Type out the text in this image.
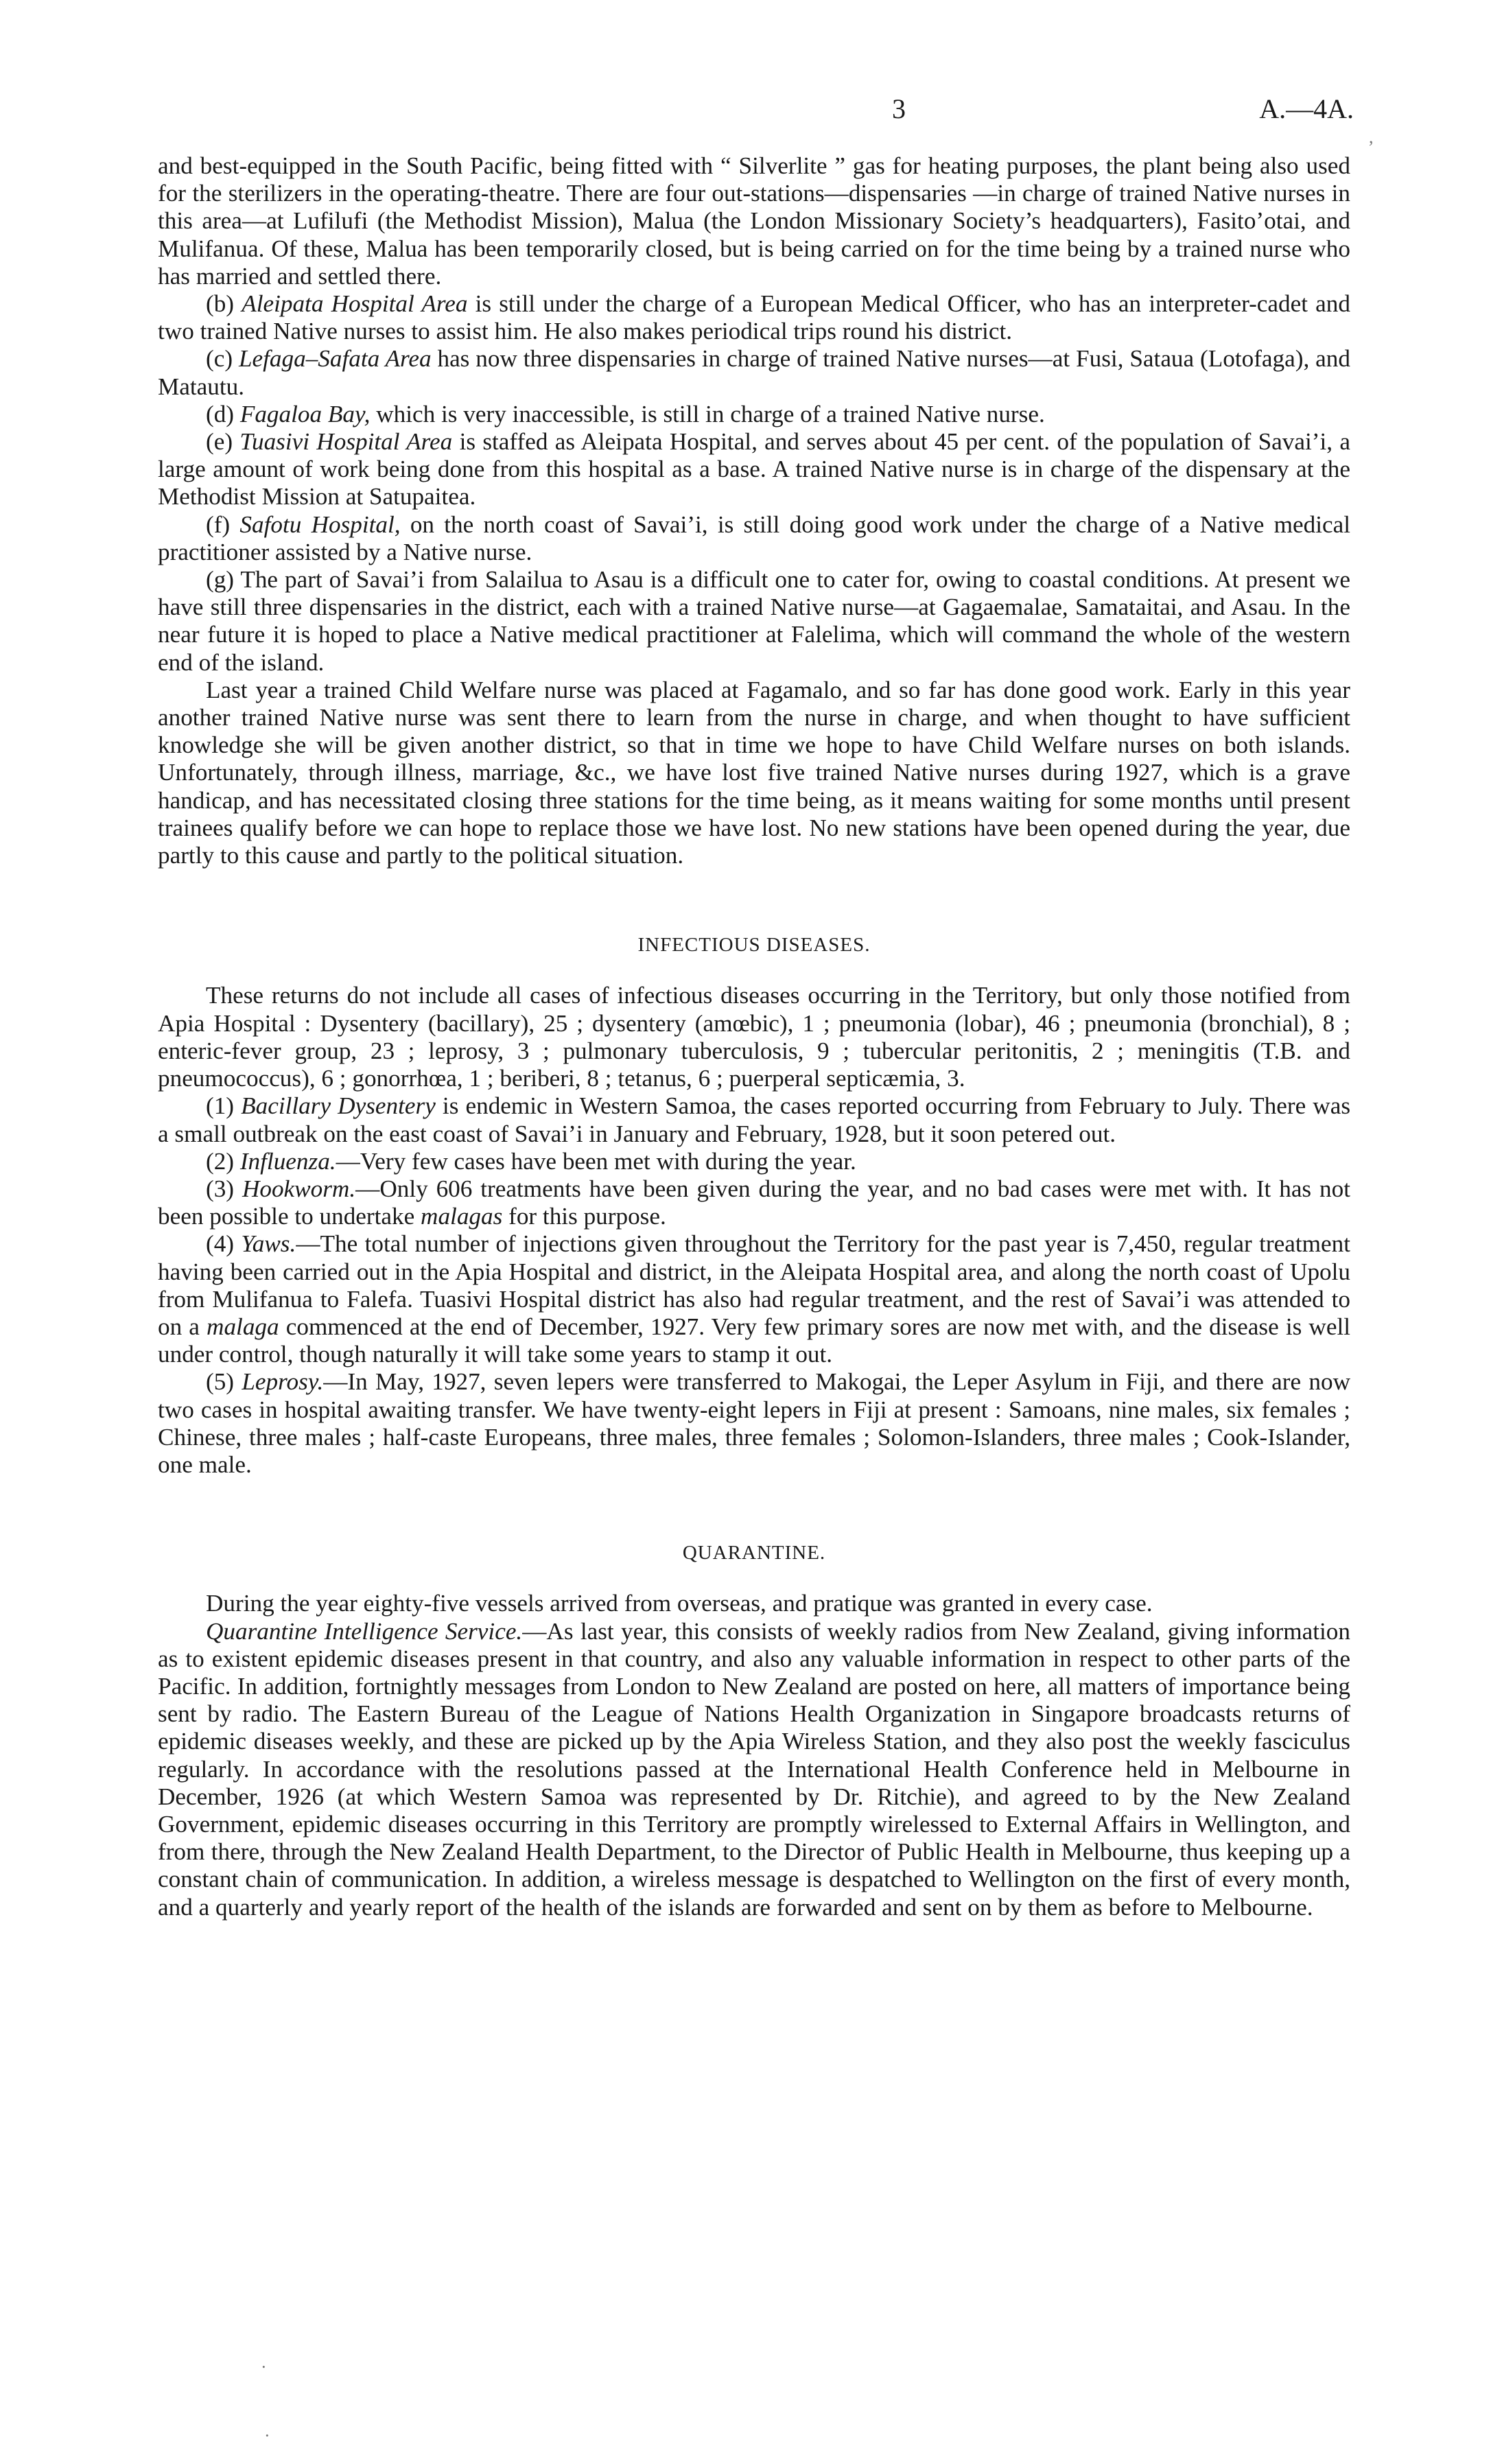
3	A.—4A.

and best-equipped in the South Pacific, being fitted with “ Silverlite ” gas for heating purposes, the plant being also used for the sterilizers in the operating-theatre. There are four out-stations—dispensaries —in charge of trained Native nurses in this area—at Lufilufi (the Methodist Mission), Malua (the London Missionary Society’s headquarters), Fasito’otai, and Mulifanua. Of these, Malua has been temporarily closed, but is being carried on for the time being by a trained nurse who has married and settled there.

(b) Aleipata Hospital Area is still under the charge of a European Medical Officer, who has an interpreter-cadet and two trained Native nurses to assist him. He also makes periodical trips round his district.

(c) Lefaga–Safata Area has now three dispensaries in charge of trained Native nurses—at Fusi, Sataua (Lotofaga), and Matautu.

(d) Fagaloa Bay, which is very inaccessible, is still in charge of a trained Native nurse.

(e) Tuasivi Hospital Area is staffed as Aleipata Hospital, and serves about 45 per cent. of the population of Savai’i, a large amount of work being done from this hospital as a base. A trained Native nurse is in charge of the dispensary at the Methodist Mission at Satupaitea.

(f) Safotu Hospital, on the north coast of Savai’i, is still doing good work under the charge of a Native medical practitioner assisted by a Native nurse.

(g) The part of Savai’i from Salailua to Asau is a difficult one to cater for, owing to coastal conditions. At present we have still three dispensaries in the district, each with a trained Native nurse—at Gagaemalae, Samataitai, and Asau. In the near future it is hoped to place a Native medical practitioner at Falelima, which will command the whole of the western end of the island.

Last year a trained Child Welfare nurse was placed at Fagamalo, and so far has done good work. Early in this year another trained Native nurse was sent there to learn from the nurse in charge, and when thought to have sufficient knowledge she will be given another district, so that in time we hope to have Child Welfare nurses on both islands. Unfortunately, through illness, marriage, &c., we have lost five trained Native nurses during 1927, which is a grave handicap, and has necessitated closing three stations for the time being, as it means waiting for some months until present trainees qualify before we can hope to replace those we have lost. No new stations have been opened during the year, due partly to this cause and partly to the political situation.

INFECTIOUS DISEASES.

These returns do not include all cases of infectious diseases occurring in the Territory, but only those notified from Apia Hospital : Dysentery (bacillary), 25 ; dysentery (amœbic), 1 ; pneumonia (lobar), 46 ; pneumonia (bronchial), 8 ; enteric-fever group, 23 ; leprosy, 3 ; pulmonary tuberculosis, 9 ; tubercular peritonitis, 2 ; meningitis (T.B. and pneumococcus), 6 ; gonorrhœa, 1 ; beriberi, 8 ; tetanus, 6 ; puerperal septicæmia, 3.

(1) Bacillary Dysentery is endemic in Western Samoa, the cases reported occurring from February to July. There was a small outbreak on the east coast of Savai’i in January and February, 1928, but it soon petered out.

(2) Influenza.—Very few cases have been met with during the year.

(3) Hookworm.—Only 606 treatments have been given during the year, and no bad cases were met with. It has not been possible to undertake malagas for this purpose.

(4) Yaws.—The total number of injections given throughout the Territory for the past year is 7,450, regular treatment having been carried out in the Apia Hospital and district, in the Aleipata Hospital area, and along the north coast of Upolu from Mulifanua to Falefa. Tuasivi Hospital district has also had regular treatment, and the rest of Savai’i was attended to on a malaga commenced at the end of December, 1927. Very few primary sores are now met with, and the disease is well under control, though naturally it will take some years to stamp it out.

(5) Leprosy.—In May, 1927, seven lepers were transferred to Makogai, the Leper Asylum in Fiji, and there are now two cases in hospital awaiting transfer. We have twenty-eight lepers in Fiji at present : Samoans, nine males, six females ; Chinese, three males ; half-caste Europeans, three males, three females ; Solomon-Islanders, three males ; Cook-Islander, one male.

QUARANTINE.

During the year eighty-five vessels arrived from overseas, and pratique was granted in every case.

Quarantine Intelligence Service.—As last year, this consists of weekly radios from New Zealand, giving information as to existent epidemic diseases present in that country, and also any valuable information in respect to other parts of the Pacific. In addition, fortnightly messages from London to New Zealand are posted on here, all matters of importance being sent by radio. The Eastern Bureau of the League of Nations Health Organization in Singapore broadcasts returns of epidemic diseases weekly, and these are picked up by the Apia Wireless Station, and they also post the weekly fasciculus regularly. In accordance with the resolutions passed at the International Health Conference held in Melbourne in December, 1926 (at which Western Samoa was represented by Dr. Ritchie), and agreed to by the New Zealand Government, epidemic diseases occurring in this Territory are promptly wirelessed to External Affairs in Wellington, and from there, through the New Zealand Health Department, to the Director of Public Health in Melbourne, thus keeping up a constant chain of communication. In addition, a wireless message is despatched to Wellington on the first of every month, and a quarterly and yearly report of the health of the islands are forwarded and sent on by them as before to Melbourne.

,
·
·
